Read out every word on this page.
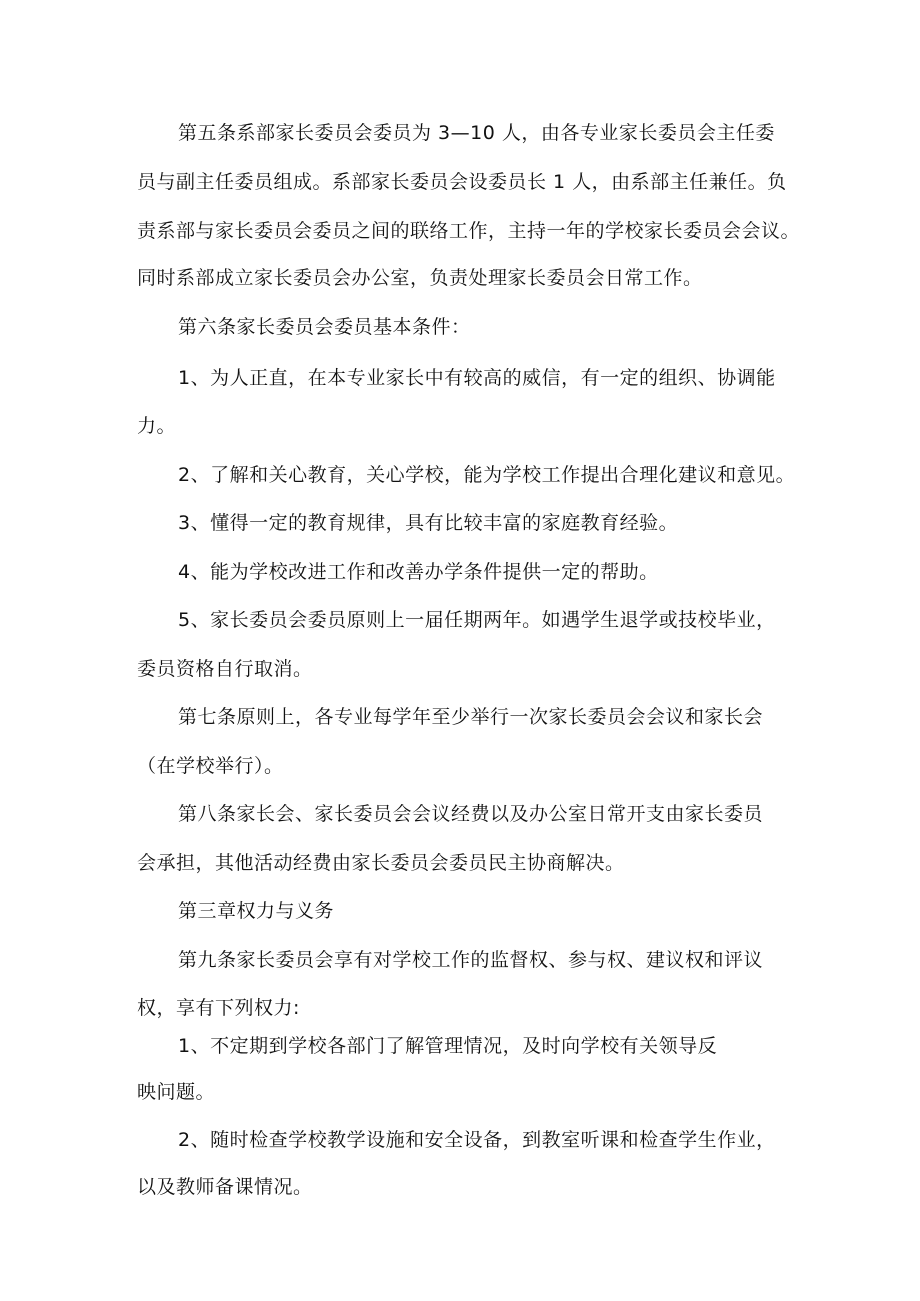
第五条系部家长委员会委员为 3—10 人，由各专业家长委员会主任委
员与副主任委员组成。系部家长委员会设委员长 1 人，由系部主任兼任。负
责系部与家长委员会委员之间的联络工作，主持一年的学校家长委员会会议。
同时系部成立家长委员会办公室，负责处理家长委员会日常工作。
第六条家长委员会委员基本条件：
1、为人正直，在本专业家长中有较高的威信，有一定的组织、协调能
力。
2、了解和关心教育，关心学校，能为学校工作提出合理化建议和意见。
3、懂得一定的教育规律，具有比较丰富的家庭教育经验。
4、能为学校改进工作和改善办学条件提供一定的帮助。
5、家长委员会委员原则上一届任期两年。如遇学生退学或技校毕业，
委员资格自行取消。
第七条原则上，各专业每学年至少举行一次家长委员会会议和家长会
（在学校举行）。
第八条家长会、家长委员会会议经费以及办公室日常开支由家长委员
会承担，其他活动经费由家长委员会委员民主协商解决。
第三章权力与义务
第九条家长委员会享有对学校工作的监督权、参与权、建议权和评议
权，享有下列权力:
1、不定期到学校各部门了解管理情况，及时向学校有关领导反
映问题。
2、随时检查学校教学设施和安全设备，到教室听课和检查学生作业，
以及教师备课情况。
